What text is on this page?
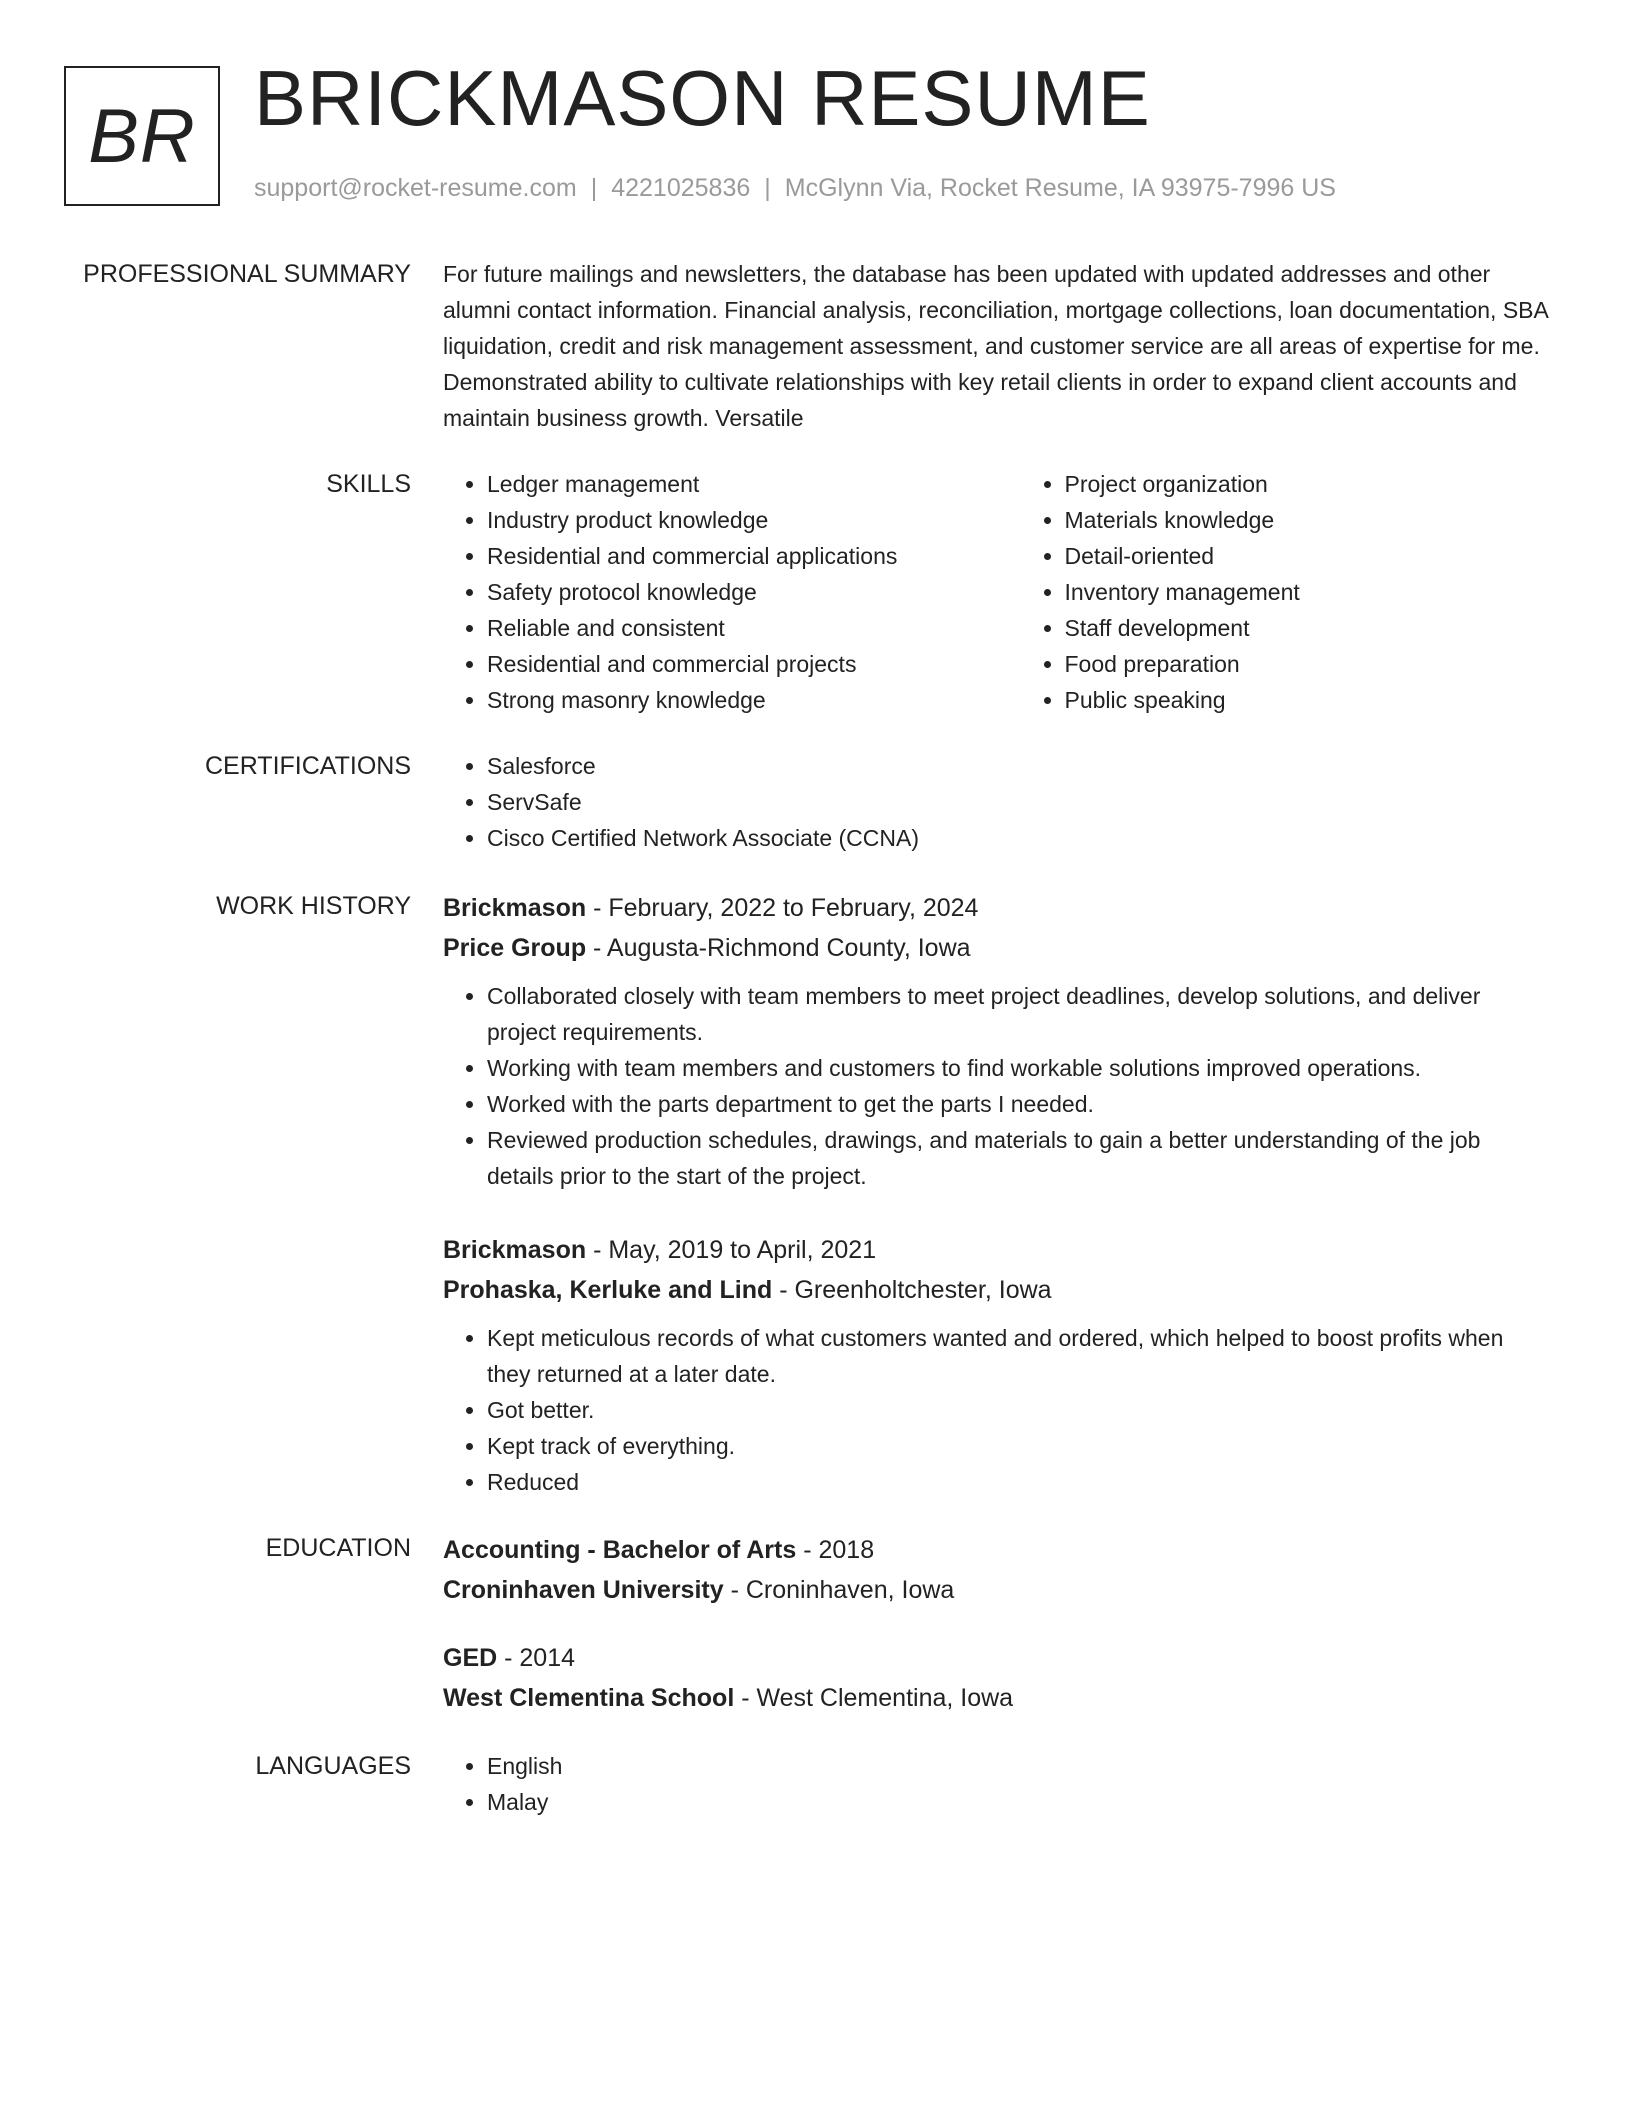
BR BRICKMASON RESUME
support@rocket-resume.com | 4221025836 | McGlynn Via, Rocket Resume, IA 93975-7996 US
PROFESSIONAL SUMMARY For future mailings and newsletters, the database has been updated with updated addresses and other alumni contact information. Financial analysis, reconciliation, mortgage collections, loan documentation, SBA liquidation, credit and risk management assessment, and customer service are all areas of expertise for me. Demonstrated ability to cultivate relationships with key retail clients in order to expand client accounts and maintain business growth. Versatile

SKILLS	• Ledger management
• Industry product knowledge
• Residential and commercial applications
• Safety protocol knowledge
• Reliable and consistent
• Residential and commercial projects
• Strong masonry knowledge
• Project organization
• Materials knowledge
• Detail-oriented
• Inventory management
• Staff development
• Food preparation
• Public speaking
CERTIFICATIONS	• Salesforce
• ServSafe
• Cisco Certified Network Associate (CCNA)
WORK HISTORY Brickmason - February, 2022 to February, 2024
Price Group - Augusta-Richmond County, Iowa
• Collaborated closely with team members to meet project deadlines, develop solutions, and deliver project requirements.
• Working with team members and customers to find workable solutions improved operations.
• Worked with the parts department to get the parts I needed.
• Reviewed production schedules, drawings, and materials to gain a better understanding of the job details prior to the start of the project.
Brickmason - May, 2019 to April, 2021
Prohaska, Kerluke and Lind - Greenholtchester, Iowa
• Kept meticulous records of what customers wanted and ordered, which helped to boost profits when they returned at a later date.
• Got better.
• Kept track of everything.
• Reduced
EDUCATION Accounting - Bachelor of Arts - 2018
Croninhaven University - Croninhaven, Iowa
GED - 2014
West Clementina School - West Clementina, Iowa
LANGUAGES	• English
• Malay
